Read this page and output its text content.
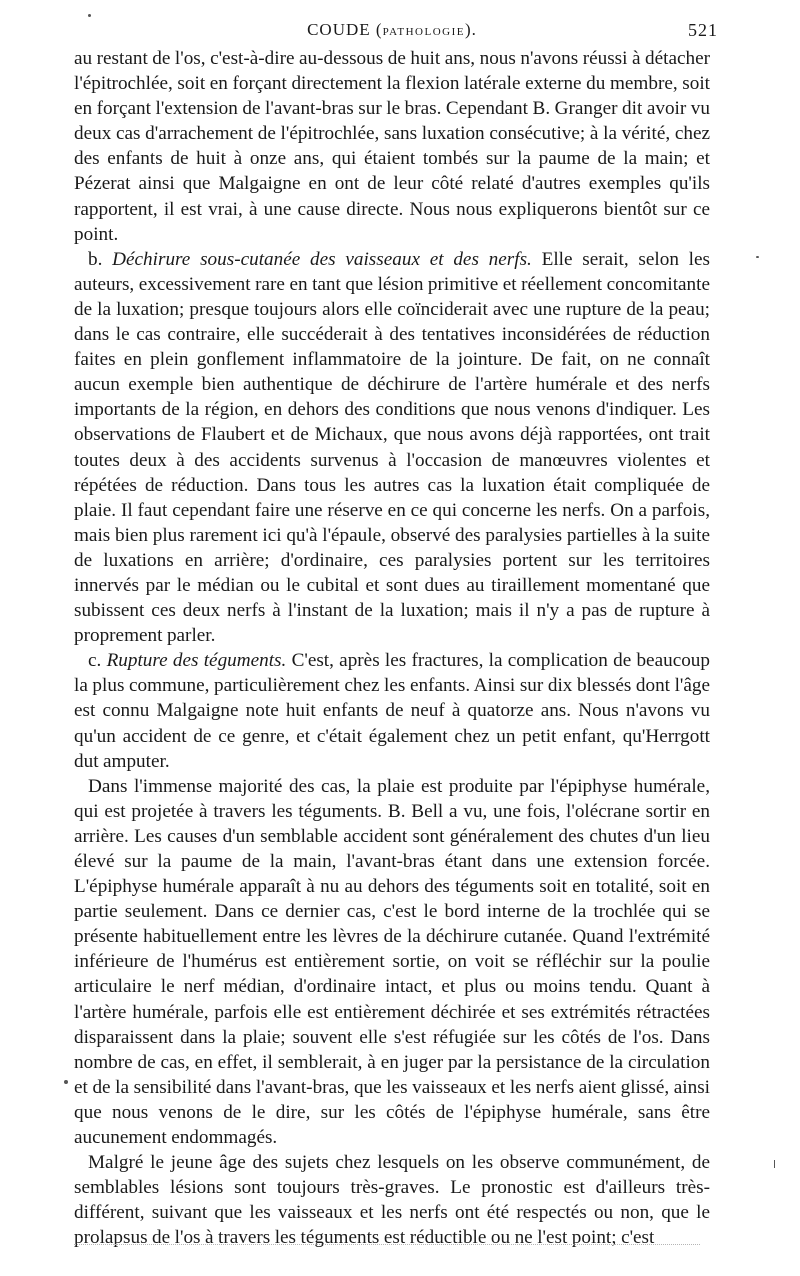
COUDE (PATHOLOGIE).	521

au restant de l'os, c'est-à-dire au-dessous de huit ans, nous n'avons réussi à détacher l'épitrochlée, soit en forçant directement la flexion latérale externe du membre, soit en forçant l'extension de l'avant-bras sur le bras. Cependant B. Granger dit avoir vu deux cas d'arrachement de l'épitrochlée, sans luxation consécutive; à la vérité, chez des enfants de huit à onze ans, qui étaient tombés sur la paume de la main; et Pézerat ainsi que Malgaigne en ont de leur côté relaté d'autres exemples qu'ils rapportent, il est vrai, à une cause directe. Nous nous expliquerons bientôt sur ce point.

b. Déchirure sous-cutanée des vaisseaux et des nerfs. Elle serait, selon les auteurs, excessivement rare en tant que lésion primitive et réellement concomitante de la luxation; presque toujours alors elle coïnciderait avec une rupture de la peau; dans le cas contraire, elle succéderait à des tentatives inconsidérées de réduction faites en plein gonflement inflammatoire de la jointure. De fait, on ne connaît aucun exemple bien authentique de déchirure de l'artère humérale et des nerfs importants de la région, en dehors des conditions que nous venons d'indiquer. Les observations de Flaubert et de Michaux, que nous avons déjà rapportées, ont trait toutes deux à des accidents survenus à l'occasion de manœuvres violentes et répétées de réduction. Dans tous les autres cas la luxation était compliquée de plaie. Il faut cependant faire une réserve en ce qui concerne les nerfs. On a parfois, mais bien plus rarement ici qu'à l'épaule, observé des paralysies partielles à la suite de luxations en arrière; d'ordinaire, ces paralysies portent sur les territoires innervés par le médian ou le cubital et sont dues au tiraillement momentané que subissent ces deux nerfs à l'instant de la luxation; mais il n'y a pas de rupture à proprement parler.

c. Rupture des téguments. C'est, après les fractures, la complication de beaucoup la plus commune, particulièrement chez les enfants. Ainsi sur dix blessés dont l'âge est connu Malgaigne note huit enfants de neuf à quatorze ans. Nous n'avons vu qu'un accident de ce genre, et c'était également chez un petit enfant, qu'Herrgott dut amputer.

Dans l'immense majorité des cas, la plaie est produite par l'épiphyse humérale, qui est projetée à travers les téguments. B. Bell a vu, une fois, l'olécrane sortir en arrière. Les causes d'un semblable accident sont généralement des chutes d'un lieu élevé sur la paume de la main, l'avant-bras étant dans une extension forcée. L'épiphyse humérale apparaît à nu au dehors des téguments soit en totalité, soit en partie seulement. Dans ce dernier cas, c'est le bord interne de la trochlée qui se présente habituellement entre les lèvres de la déchirure cutanée. Quand l'extrémité inférieure de l'humérus est entièrement sortie, on voit se réfléchir sur la poulie articulaire le nerf médian, d'ordinaire intact, et plus ou moins tendu. Quant à l'artère humérale, parfois elle est entièrement déchirée et ses extrémités rétractées disparaissent dans la plaie; souvent elle s'est réfugiée sur les côtés de l'os. Dans nombre de cas, en effet, il semblerait, à en juger par la persistance de la circulation et de la sensibilité dans l'avant-bras, que les vaisseaux et les nerfs aient glissé, ainsi que nous venons de le dire, sur les côtés de l'épiphyse humérale, sans être aucunement endommagés.

Malgré le jeune âge des sujets chez lesquels on les observe communément, de semblables lésions sont toujours très-graves. Le pronostic est d'ailleurs très-différent, suivant que les vaisseaux et les nerfs ont été respectés ou non, que le prolapsus de l'os à travers les téguments est réductible ou ne l'est point; c'est
